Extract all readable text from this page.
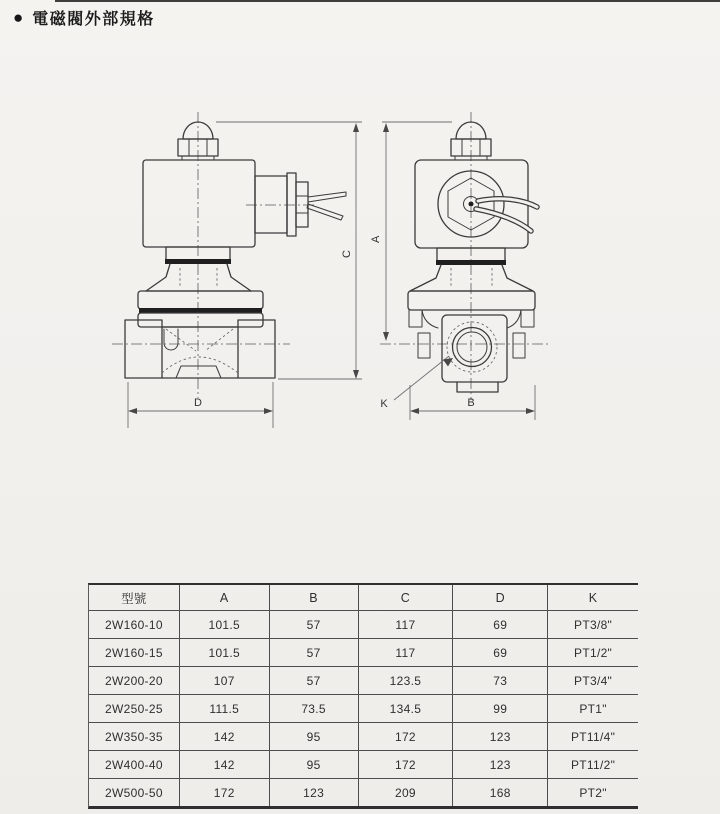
● 電磁閥外部規格
C
D
A
B
K
型號	A	B	C	D	K
2W160-10	101.5	57	117	69	PT3/8"
2W160-15	101.5	57	117	69	PT1/2"
2W200-20	107	57	123.5	73	PT3/4"
2W250-25	111.5	73.5	134.5	99	PT1"
2W350-35	142	95	172	123	PT11/4"
2W400-40	142	95	172	123	PT11/2"
2W500-50	172	123	209	168	PT2"
